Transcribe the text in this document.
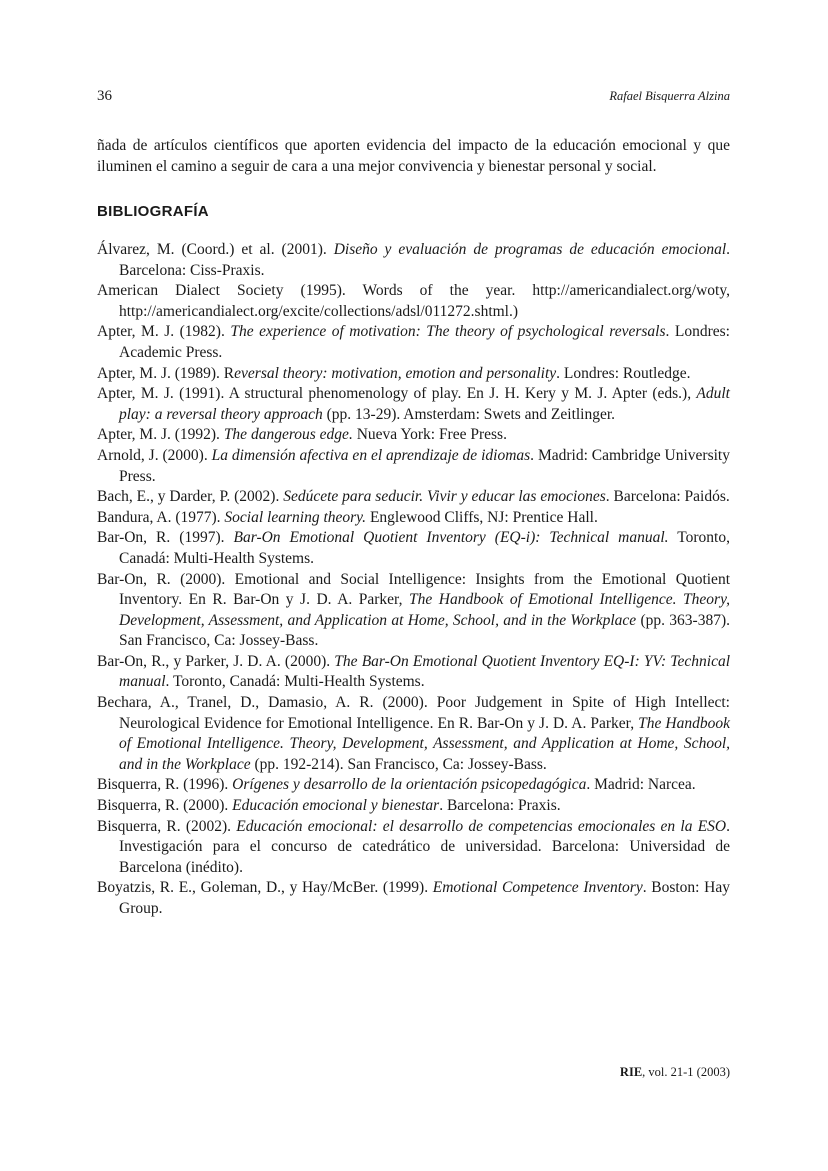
36	Rafael Bisquerra Alzina

ñada de artículos científicos que aporten evidencia del impacto de la educación emocional y que iluminen el camino a seguir de cara a una mejor convivencia y bienestar personal y social.

BIBLIOGRAFÍA
Álvarez, M. (Coord.) et al. (2001). Diseño y evaluación de programas de educación emocional. Barcelona: Ciss-Praxis.
American Dialect Society (1995). Words of the year. http://americandialect.org/woty, http://americandialect.org/excite/collections/adsl/011272.shtml.)
Apter, M. J. (1982). The experience of motivation: The theory of psychological reversals. Londres: Academic Press.
Apter, M. J. (1989). Reversal theory: motivation, emotion and personality. Londres: Routledge.
Apter, M. J. (1991). A structural phenomenology of play. En J. H. Kery y M. J. Apter (eds.), Adult play: a reversal theory approach (pp. 13-29). Amsterdam: Swets and Zeitlinger.
Apter, M. J. (1992). The dangerous edge. Nueva York: Free Press.
Arnold, J. (2000). La dimensión afectiva en el aprendizaje de idiomas. Madrid: Cambridge University Press.
Bach, E., y Darder, P. (2002). Sedúcete para seducir. Vivir y educar las emociones. Barcelona: Paidós.
Bandura, A. (1977). Social learning theory. Englewood Cliffs, NJ: Prentice Hall.
Bar-On, R. (1997). Bar-On Emotional Quotient Inventory (EQ-i): Technical manual. Toronto, Canadá: Multi-Health Systems.
Bar-On, R. (2000). Emotional and Social Intelligence: Insights from the Emotional Quotient Inventory. En R. Bar-On y J. D. A. Parker, The Handbook of Emotional Intelligence. Theory, Development, Assessment, and Application at Home, School, and in the Workplace (pp. 363-387). San Francisco, Ca: Jossey-Bass.
Bar-On, R., y Parker, J. D. A. (2000). The Bar-On Emotional Quotient Inventory EQ-I: YV: Technical manual. Toronto, Canadá: Multi-Health Systems.
Bechara, A., Tranel, D., Damasio, A. R. (2000). Poor Judgement in Spite of High Intellect: Neurological Evidence for Emotional Intelligence. En R. Bar-On y J. D. A. Parker, The Handbook of Emotional Intelligence. Theory, Development, Assessment, and Application at Home, School, and in the Workplace (pp. 192-214). San Francisco, Ca: Jossey-Bass.
Bisquerra, R. (1996). Orígenes y desarrollo de la orientación psicopedagógica. Madrid: Narcea.
Bisquerra, R. (2000). Educación emocional y bienestar. Barcelona: Praxis.
Bisquerra, R. (2002). Educación emocional: el desarrollo de competencias emocionales en la ESO. Investigación para el concurso de catedrático de universidad. Barcelona: Universidad de Barcelona (inédito).
Boyatzis, R. E., Goleman, D., y Hay/McBer. (1999). Emotional Competence Inventory. Boston: Hay Group.
RIE, vol. 21-1 (2003)
